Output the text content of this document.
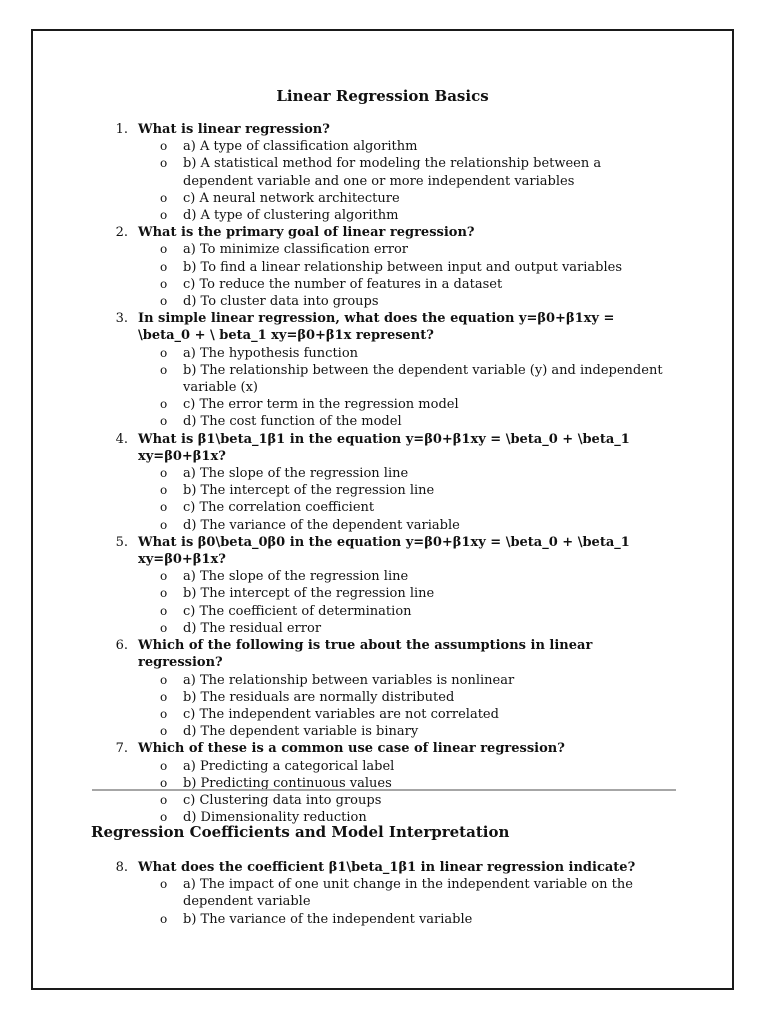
Linear Regression Basics
1. What is linear regression?
o a) A type of classification algorithm
o b) A statistical method for modeling the relationship between a dependent variable and one or more independent variables
o c) A neural network architecture
o d) A type of clustering algorithm
2. What is the primary goal of linear regression?
o a) To minimize classification error
o b) To find a linear relationship between input and output variables
o c) To reduce the number of features in a dataset
o d) To cluster data into groups
3. In simple linear regression, what does the equation y=β0+β1xy = \beta_0 + \ beta_1 xy=β0+β1x represent?
o a) The hypothesis function
o b) The relationship between the dependent variable (y) and independent variable (x)
o c) The error term in the regression model
o d) The cost function of the model
4. What is β1\beta_1β1 in the equation y=β0+β1xy = \beta_0 + \beta_1 xy=β0+β1x?
o a) The slope of the regression line
o b) The intercept of the regression line
o c) The correlation coefficient
o d) The variance of the dependent variable
5. What is β0\beta_0β0 in the equation y=β0+β1xy = \beta_0 + \beta_1 xy=β0+β1x?
o a) The slope of the regression line
o b) The intercept of the regression line
o c) The coefficient of determination
o d) The residual error
6. Which of the following is true about the assumptions in linear regression?
o a) The relationship between variables is nonlinear
o b) The residuals are normally distributed
o c) The independent variables are not correlated
o d) The dependent variable is binary
7. Which of these is a common use case of linear regression?
o a) Predicting a categorical label
o b) Predicting continuous values
o c) Clustering data into groups
o d) Dimensionality reduction
Regression Coefficients and Model Interpretation
8. What does the coefficient β1\beta_1β1 in linear regression indicate?
o a) The impact of one unit change in the independent variable on the dependent variable
o b) The variance of the independent variable
